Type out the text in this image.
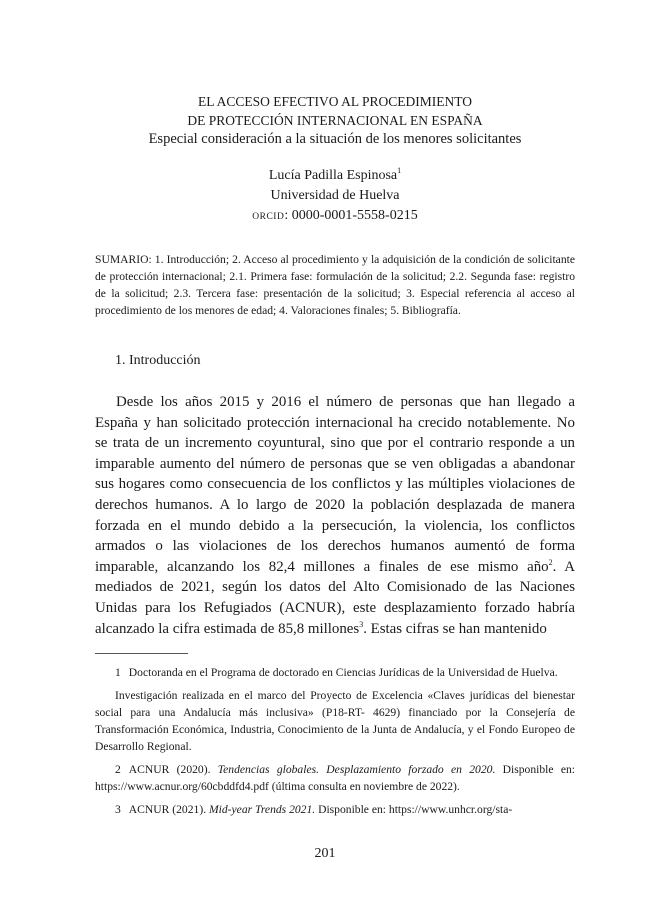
EL ACCESO EFECTIVO AL PROCEDIMIENTO
DE PROTECCIÓN INTERNACIONAL EN ESPAÑA
Especial consideración a la situación de los menores solicitantes
Lucía Padilla Espinosa$^1$
Universidad de Huelva
ORCID: 0000-0001-5558-0215
SUMARIO: 1. Introducción; 2. Acceso al procedimiento y la adquisición de la condición de solicitante de protección internacional; 2.1. Primera fase: formulación de la solicitud; 2.2. Segunda fase: registro de la solicitud; 2.3. Tercera fase: presentación de la solicitud; 3. Especial referencia al acceso al procedimiento de los menores de edad; 4. Valoraciones finales; 5. Bibliografía.
1. Introducción
Desde los años 2015 y 2016 el número de personas que han llegado a España y han solicitado protección internacional ha crecido notablemente. No se trata de un incremento coyuntural, sino que por el contrario responde a un imparable aumento del número de personas que se ven obligadas a abandonar sus hogares como consecuencia de los conflictos y las múltiples violaciones de derechos humanos. A lo largo de 2020 la población desplazada de manera forzada en el mundo debido a la persecución, la violencia, los conflictos armados o las violaciones de los derechos humanos aumentó de forma imparable, alcanzando los 82,4 millones a finales de ese mismo año$^2$. A mediados de 2021, según los datos del Alto Comisionado de las Naciones Unidas para los Refugiados (ACNUR), este desplazamiento forzado habría alcanzado la cifra estimada de 85,8 millones$^3$. Estas cifras se han mantenido
1 Doctoranda en el Programa de doctorado en Ciencias Jurídicas de la Universidad de Huelva.
Investigación realizada en el marco del Proyecto de Excelencia «Claves jurídicas del bienestar social para una Andalucía más inclusiva» (P18-RT- 4629) financiado por la Consejería de Transformación Económica, Industria, Conocimiento de la Junta de Andalucía, y el Fondo Europeo de Desarrollo Regional.
2 ACNUR (2020). Tendencias globales. Desplazamiento forzado en 2020. Disponible en: https://www.acnur.org/60cbddfd4.pdf (última consulta en noviembre de 2022).
3 ACNUR (2021). Mid-year Trends 2021. Disponible en: https://www.unhcr.org/sta-
201
